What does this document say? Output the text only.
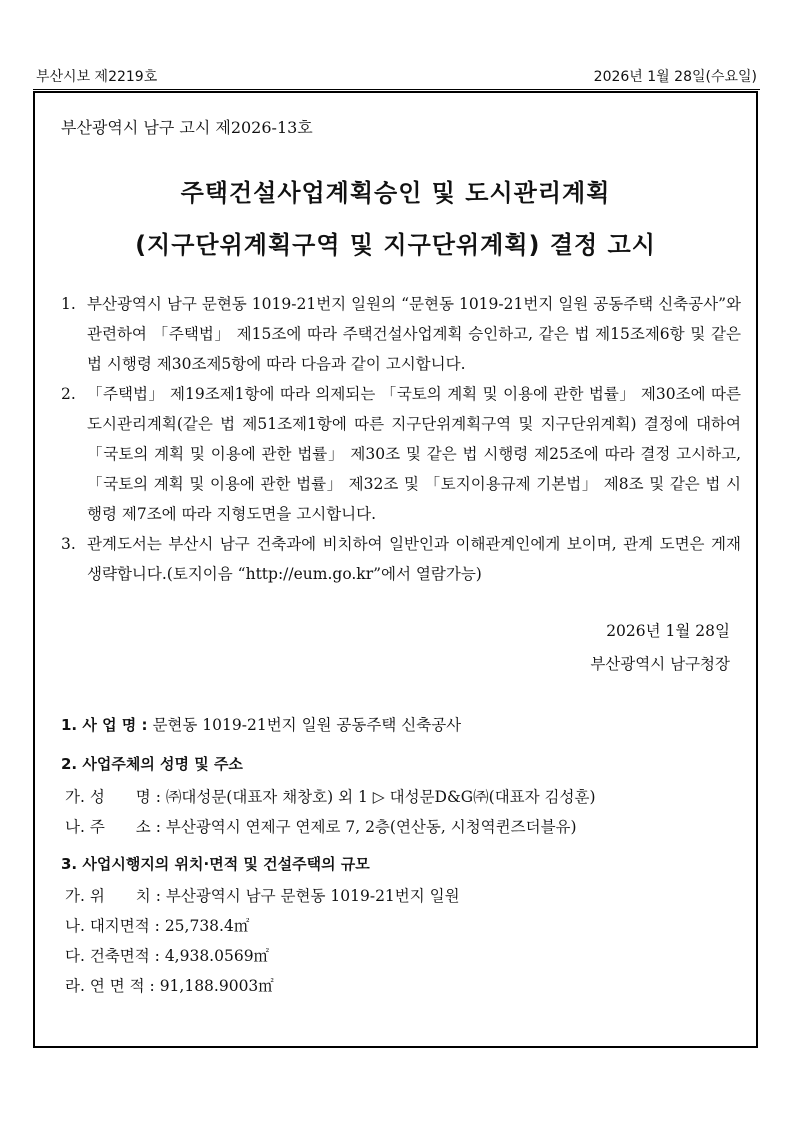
부산시보 제2219호	2026년 1월 28일(수요일)
부산광역시 남구 고시 제2026-13호
주택건설사업계획승인 및 도시관리계획
(지구단위계획구역 및 지구단위계획) 결정 고시
1. 부산광역시 남구 문현동 1019-21번지 일원의 “문현동 1019-21번지 일원 공동주택 신축공사”와 관련하여 「주택법」 제15조에 따라 주택건설사업계획 승인하고, 같은 법 제15조제6항 및 같은 법 시행령 제30조제5항에 따라 다음과 같이 고시합니다.
2. 「주택법」 제19조제1항에 따라 의제되는 「국토의 계획 및 이용에 관한 법률」 제30조에 따른 도시관리계획(같은 법 제51조제1항에 따른 지구단위계획구역 및 지구단위계획) 결정에 대하여 「국토의 계획 및 이용에 관한 법률」 제30조 및 같은 법 시행령 제25조에 따라 결정 고시하고, 「국토의 계획 및 이용에 관한 법률」 제32조 및 「토지이용규제 기본법」 제8조 및 같은 법 시행령 제7조에 따라 지형도면을 고시합니다.
3. 관계도서는 부산시 남구 건축과에 비치하여 일반인과 이해관계인에게 보이며, 관계 도면은 게재 생략합니다.(토지이음 “http://eum.go.kr”에서 열람가능)
2026년 1월 28일
부산광역시 남구청장
1. 사 업 명 : 문현동 1019-21번지 일원 공동주택 신축공사
2. 사업주체의 성명 및 주소
가. 성　　명 : ㈜대성문(대표자 채창호) 외 1 ▷ 대성문D&G㈜(대표자 김성훈)
나. 주　　소 : 부산광역시 연제구 연제로 7, 2층(연산동, 시청역퀸즈더블유)
3. 사업시행지의 위치·면적 및 건설주택의 규모
가. 위　　치 : 부산광역시 남구 문현동 1019-21번지 일원
나. 대지면적 : 25,738.4㎡
다. 건축면적 : 4,938.0569㎡
라. 연 면 적 : 91,188.9003㎡
